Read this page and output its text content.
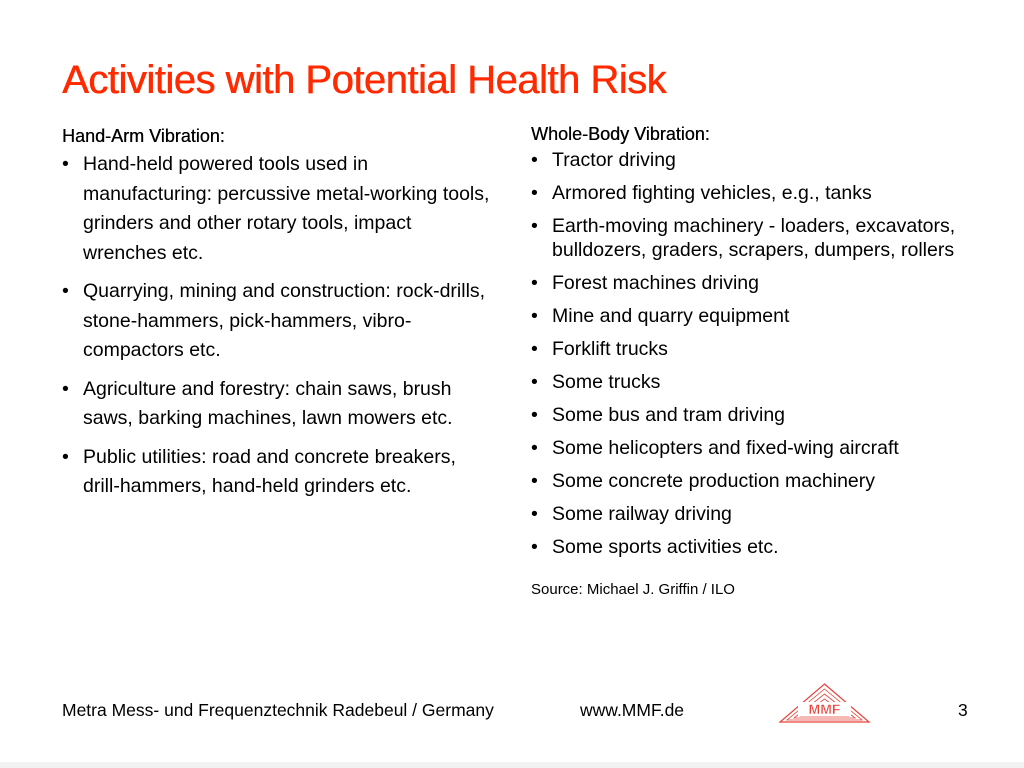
Activities with Potential Health Risk
Hand-Arm Vibration:
• Hand-held powered tools used in manufacturing: percussive metal-working tools, grinders and other rotary tools, impact wrenches etc.
• Quarrying, mining and construction: rock-drills, stone-hammers, pick-hammers, vibro-compactors etc.
• Agriculture and forestry: chain saws, brush saws, barking machines, lawn mowers etc.
• Public utilities: road and concrete breakers, drill-hammers, hand-held grinders etc.
Whole-Body Vibration:
• Tractor driving
• Armored fighting vehicles, e.g., tanks
• Earth-moving machinery - loaders, excavators, bulldozers, graders, scrapers, dumpers, rollers
• Forest machines driving
• Mine and quarry equipment
• Forklift trucks
• Some trucks
• Some bus and tram driving
• Some helicopters and fixed-wing aircraft
• Some concrete production machinery
• Some railway driving
• Some sports activities etc.
Source: Michael J. Griffin / ILO
Metra Mess- und Frequenztechnik Radebeul / Germany	www.MMF.de	MMF	3
